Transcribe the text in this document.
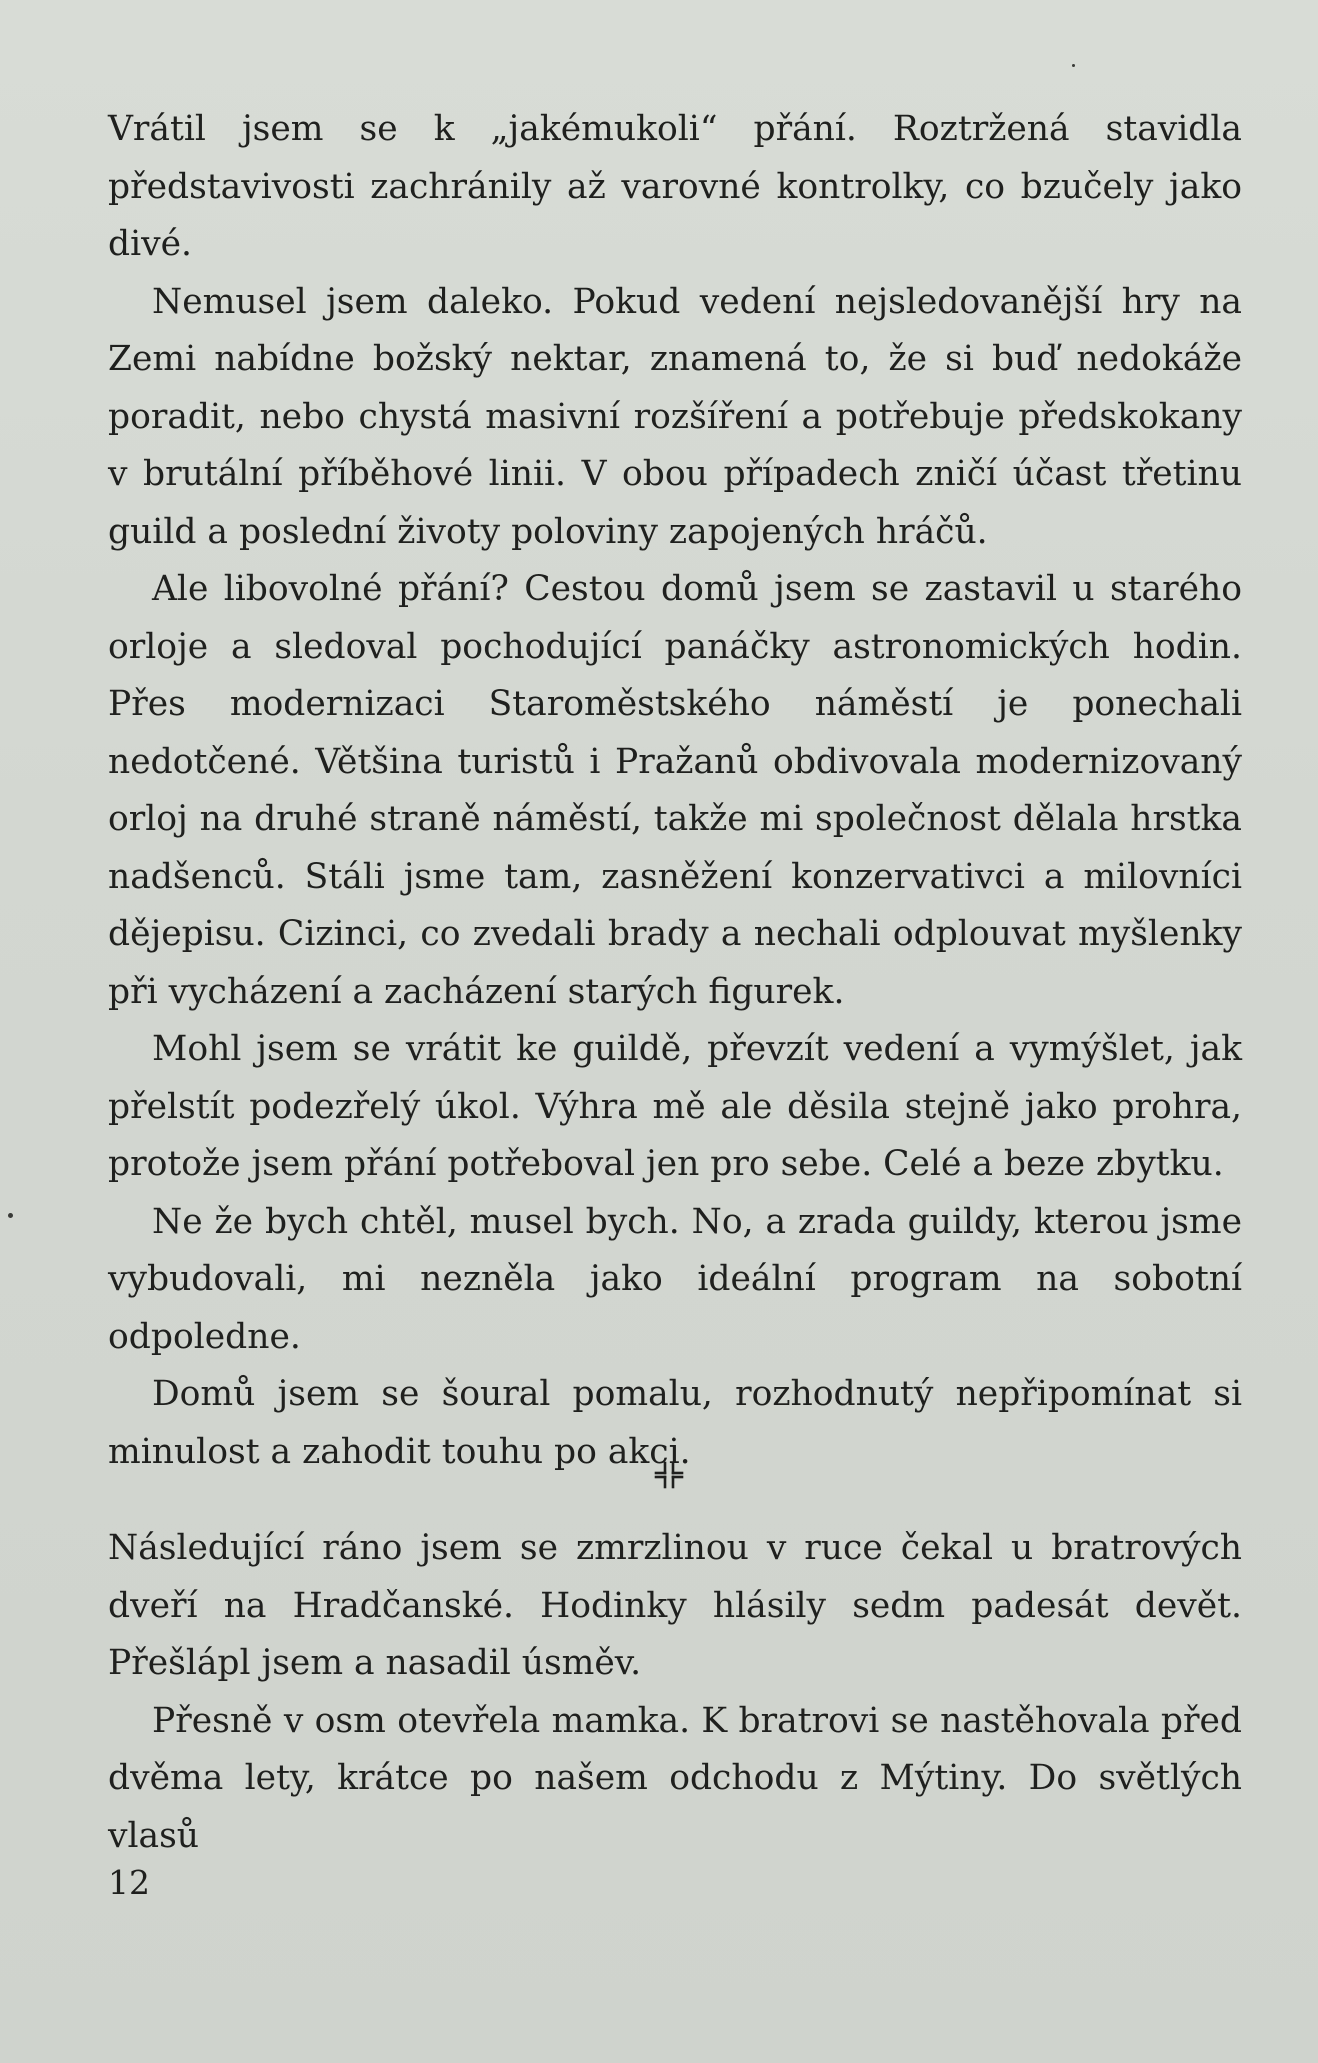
Vrátil jsem se k „jakémukoli“ přání. Roztržená stavidla představivosti zachránily až varovné kontrolky, co bzučely jako divé.

Nemusel jsem daleko. Pokud vedení nejsledovanější hry na Zemi nabídne božský nektar, znamená to, že si buď nedokáže poradit, nebo chystá masivní rozšíření a potřebuje předskokany v brutální příběhové linii. V obou případech zničí účast třetinu guild a poslední životy poloviny zapojených hráčů.

Ale libovolné přání? Cestou domů jsem se zastavil u starého orloje a sledoval pochodující panáčky astronomických hodin. Přes modernizaci Staroměstského náměstí je ponechali nedotčené. Většina turistů i Pražanů obdivovala modernizovaný orloj na druhé straně náměstí, takže mi společnost dělala hrstka nadšenců. Stáli jsme tam, zasněžení konzervativci a milovníci dějepisu. Cizinci, co zvedali brady a nechali odplouvat myšlenky při vycházení a zacházení starých figurek.

Mohl jsem se vrátit ke guildě, převzít vedení a vymýšlet, jak přelstít podezřelý úkol. Výhra mě ale děsila stejně jako prohra, protože jsem přání potřeboval jen pro sebe. Celé a beze zbytku.

Ne že bych chtěl, musel bych. No, a zrada guildy, kterou jsme vybudovali, mi nezněla jako ideální program na sobotní odpoledne.

Domů jsem se šoural pomalu, rozhodnutý nepřipomínat si minulost a zahodit touhu po akci.

Následující ráno jsem se zmrzlinou v ruce čekal u bratrových dveří na Hradčanské. Hodinky hlásily sedm padesát devět. Přešlápl jsem a nasadil úsměv.

Přesně v osm otevřela mamka. K bratrovi se nastěhovala před dvěma lety, krátce po našem odchodu z Mýtiny. Do světlých vlasů

12
